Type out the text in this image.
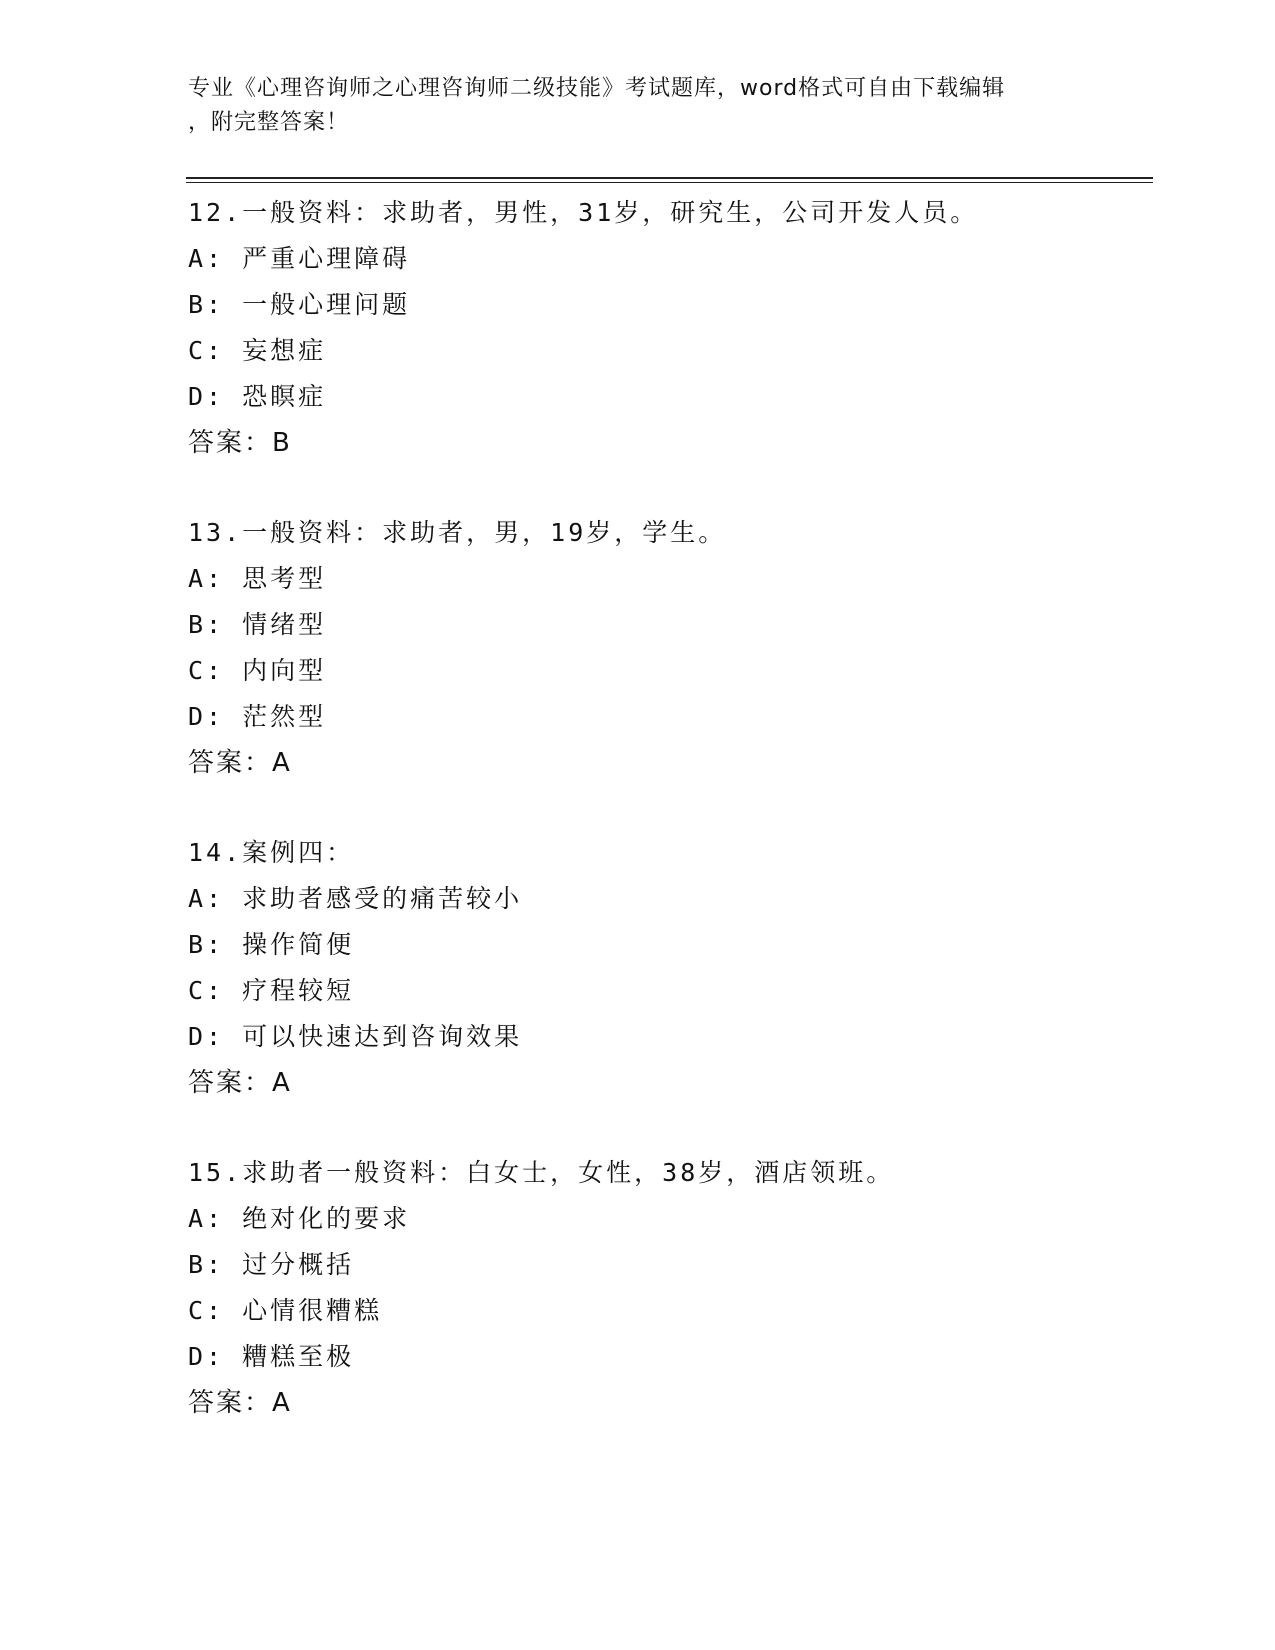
专业《心理咨询师之心理咨询师二级技能》考试题库，word格式可自由下载编辑
，附完整答案！
12.一般资料：求助者，男性，31岁，研究生，公司开发人员。
A: 严重心理障碍
B: 一般心理问题
C: 妄想症
D: 恐瞑症
答案：B
13.一般资料：求助者，男，19岁，学生。
A: 思考型
B: 情绪型
C: 内向型
D: 茫然型
答案：A
14.案例四：
A: 求助者感受的痛苦较小
B: 操作简便
C: 疗程较短
D: 可以快速达到咨询效果
答案：A
15.求助者一般资料：白女士，女性，38岁，酒店领班。
A: 绝对化的要求
B: 过分概括
C: 心情很糟糕
D: 糟糕至极
答案：A
